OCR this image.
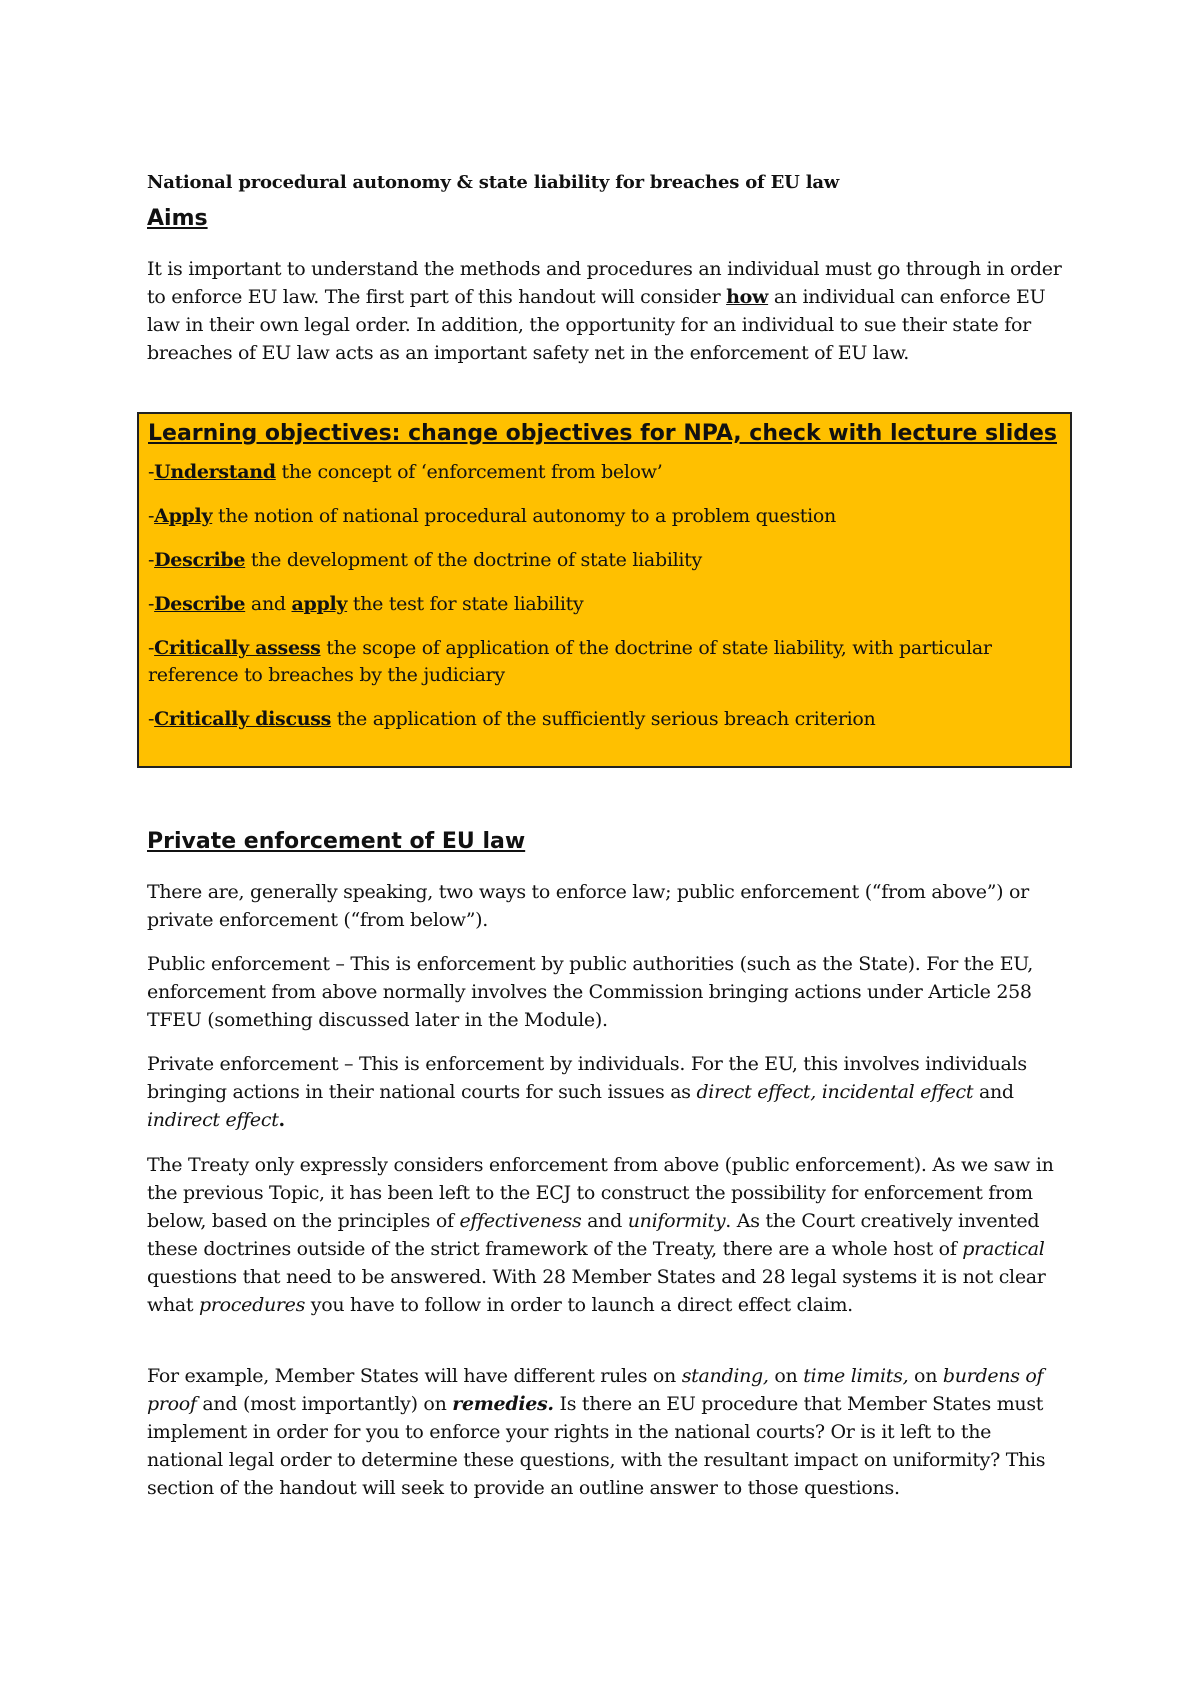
National procedural autonomy & state liability for breaches of EU law
Aims

It is important to understand the methods and procedures an individual must go through in order to enforce EU law. The first part of this handout will consider how an individual can enforce EU law in their own legal order. In addition, the opportunity for an individual to sue their state for breaches of EU law acts as an important safety net in the enforcement of EU law.

Learning objectives: change objectives for NPA, check with lecture slides

-Understand the concept of ‘enforcement from below’

-Apply the notion of national procedural autonomy to a problem question

-Describe the development of the doctrine of state liability

-Describe and apply the test for state liability

-Critically assess the scope of application of the doctrine of state liability, with particular reference to breaches by the judiciary

-Critically discuss the application of the sufficiently serious breach criterion

Private enforcement of EU law

There are, generally speaking, two ways to enforce law; public enforcement (“from above”) or private enforcement (“from below”).

Public enforcement – This is enforcement by public authorities (such as the State). For the EU, enforcement from above normally involves the Commission bringing actions under Article 258 TFEU (something discussed later in the Module).

Private enforcement – This is enforcement by individuals. For the EU, this involves individuals bringing actions in their national courts for such issues as direct effect, incidental effect and indirect effect.

The Treaty only expressly considers enforcement from above (public enforcement). As we saw in the previous Topic, it has been left to the ECJ to construct the possibility for enforcement from below, based on the principles of effectiveness and uniformity. As the Court creatively invented these doctrines outside of the strict framework of the Treaty, there are a whole host of practical questions that need to be answered. With 28 Member States and 28 legal systems it is not clear what procedures you have to follow in order to launch a direct effect claim.

For example, Member States will have different rules on standing, on time limits, on burdens of proof and (most importantly) on remedies. Is there an EU procedure that Member States must implement in order for you to enforce your rights in the national courts? Or is it left to the national legal order to determine these questions, with the resultant impact on uniformity? This section of the handout will seek to provide an outline answer to those questions.
